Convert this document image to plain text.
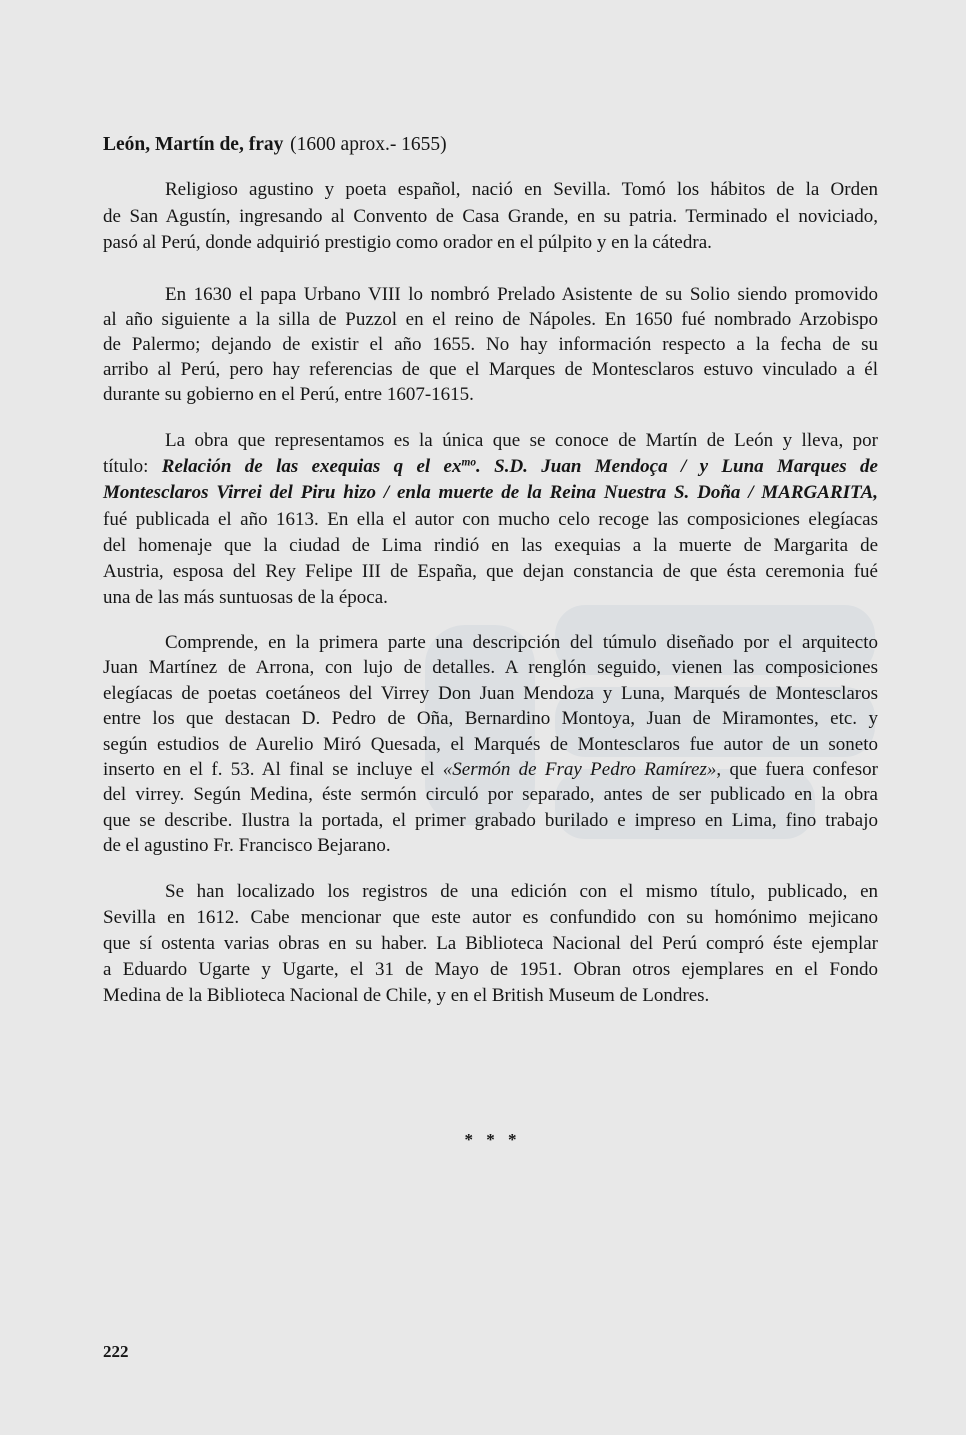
León, Martín de, fray (1600 aprox.- 1655)
Religioso agustino y poeta español, nació en Sevilla. Tomó los hábitos de la Orden
de San Agustín, ingresando al Convento de Casa Grande, en su patria. Terminado el noviciado,
pasó al Perú, donde adquirió prestigio como orador en el púlpito y en la cátedra.
En 1630 el papa Urbano VIII lo nombró Prelado Asistente de su Solio siendo promovido
al año siguiente a la silla de Puzzol en el reino de Nápoles. En 1650 fué nombrado Arzobispo
de Palermo; dejando de existir el año 1655. No hay información respecto a la fecha de su
arribo al Perú, pero hay referencias de que el Marques de Montesclaros estuvo vinculado a él
durante su gobierno en el Perú, entre 1607-1615.
La obra que representamos es la única que se conoce de Martín de León y lleva, por
título: Relación de las exequias q el $ex^{mo}$. S.D. Juan Mendoça / y Luna Marques de
Montesclaros Virrei del Piru hizo / enla muerte de la Reina Nuestra S. Doña / MARGARITA,
fué publicada el año 1613. En ella el autor con mucho celo recoge las composiciones elegíacas
del homenaje que la ciudad de Lima rindió en las exequias a la muerte de Margarita de
Austria, esposa del Rey Felipe III de España, que dejan constancia de que ésta ceremonia fué
una de las más suntuosas de la época.
Comprende, en la primera parte una descripción del túmulo diseñado por el arquitecto
Juan Martínez de Arrona, con lujo de detalles. A renglón seguido, vienen las composiciones
elegíacas de poetas coetáneos del Virrey Don Juan Mendoza y Luna, Marqués de Montesclaros
entre los que destacan D. Pedro de Oña, Bernardino Montoya, Juan de Miramontes, etc. y
según estudios de Aurelio Miró Quesada, el Marqués de Montesclaros fue autor de un soneto
inserto en el f. 53. Al final se incluye el «Sermón de Fray Pedro Ramírez», que fuera confesor
del virrey. Según Medina, éste sermón circuló por separado, antes de ser publicado en la obra
que se describe. Ilustra la portada, el primer grabado burilado e impreso en Lima, fino trabajo
de el agustino Fr. Francisco Bejarano.
Se han localizado los registros de una edición con el mismo título, publicado, en
Sevilla en 1612. Cabe mencionar que este autor es confundido con su homónimo mejicano
que sí ostenta varias obras en su haber. La Biblioteca Nacional del Perú compró éste ejemplar
a Eduardo Ugarte y Ugarte, el 31 de Mayo de 1951. Obran otros ejemplares en el Fondo
Medina de la Biblioteca Nacional de Chile, y en el British Museum de Londres.
* * *
222
